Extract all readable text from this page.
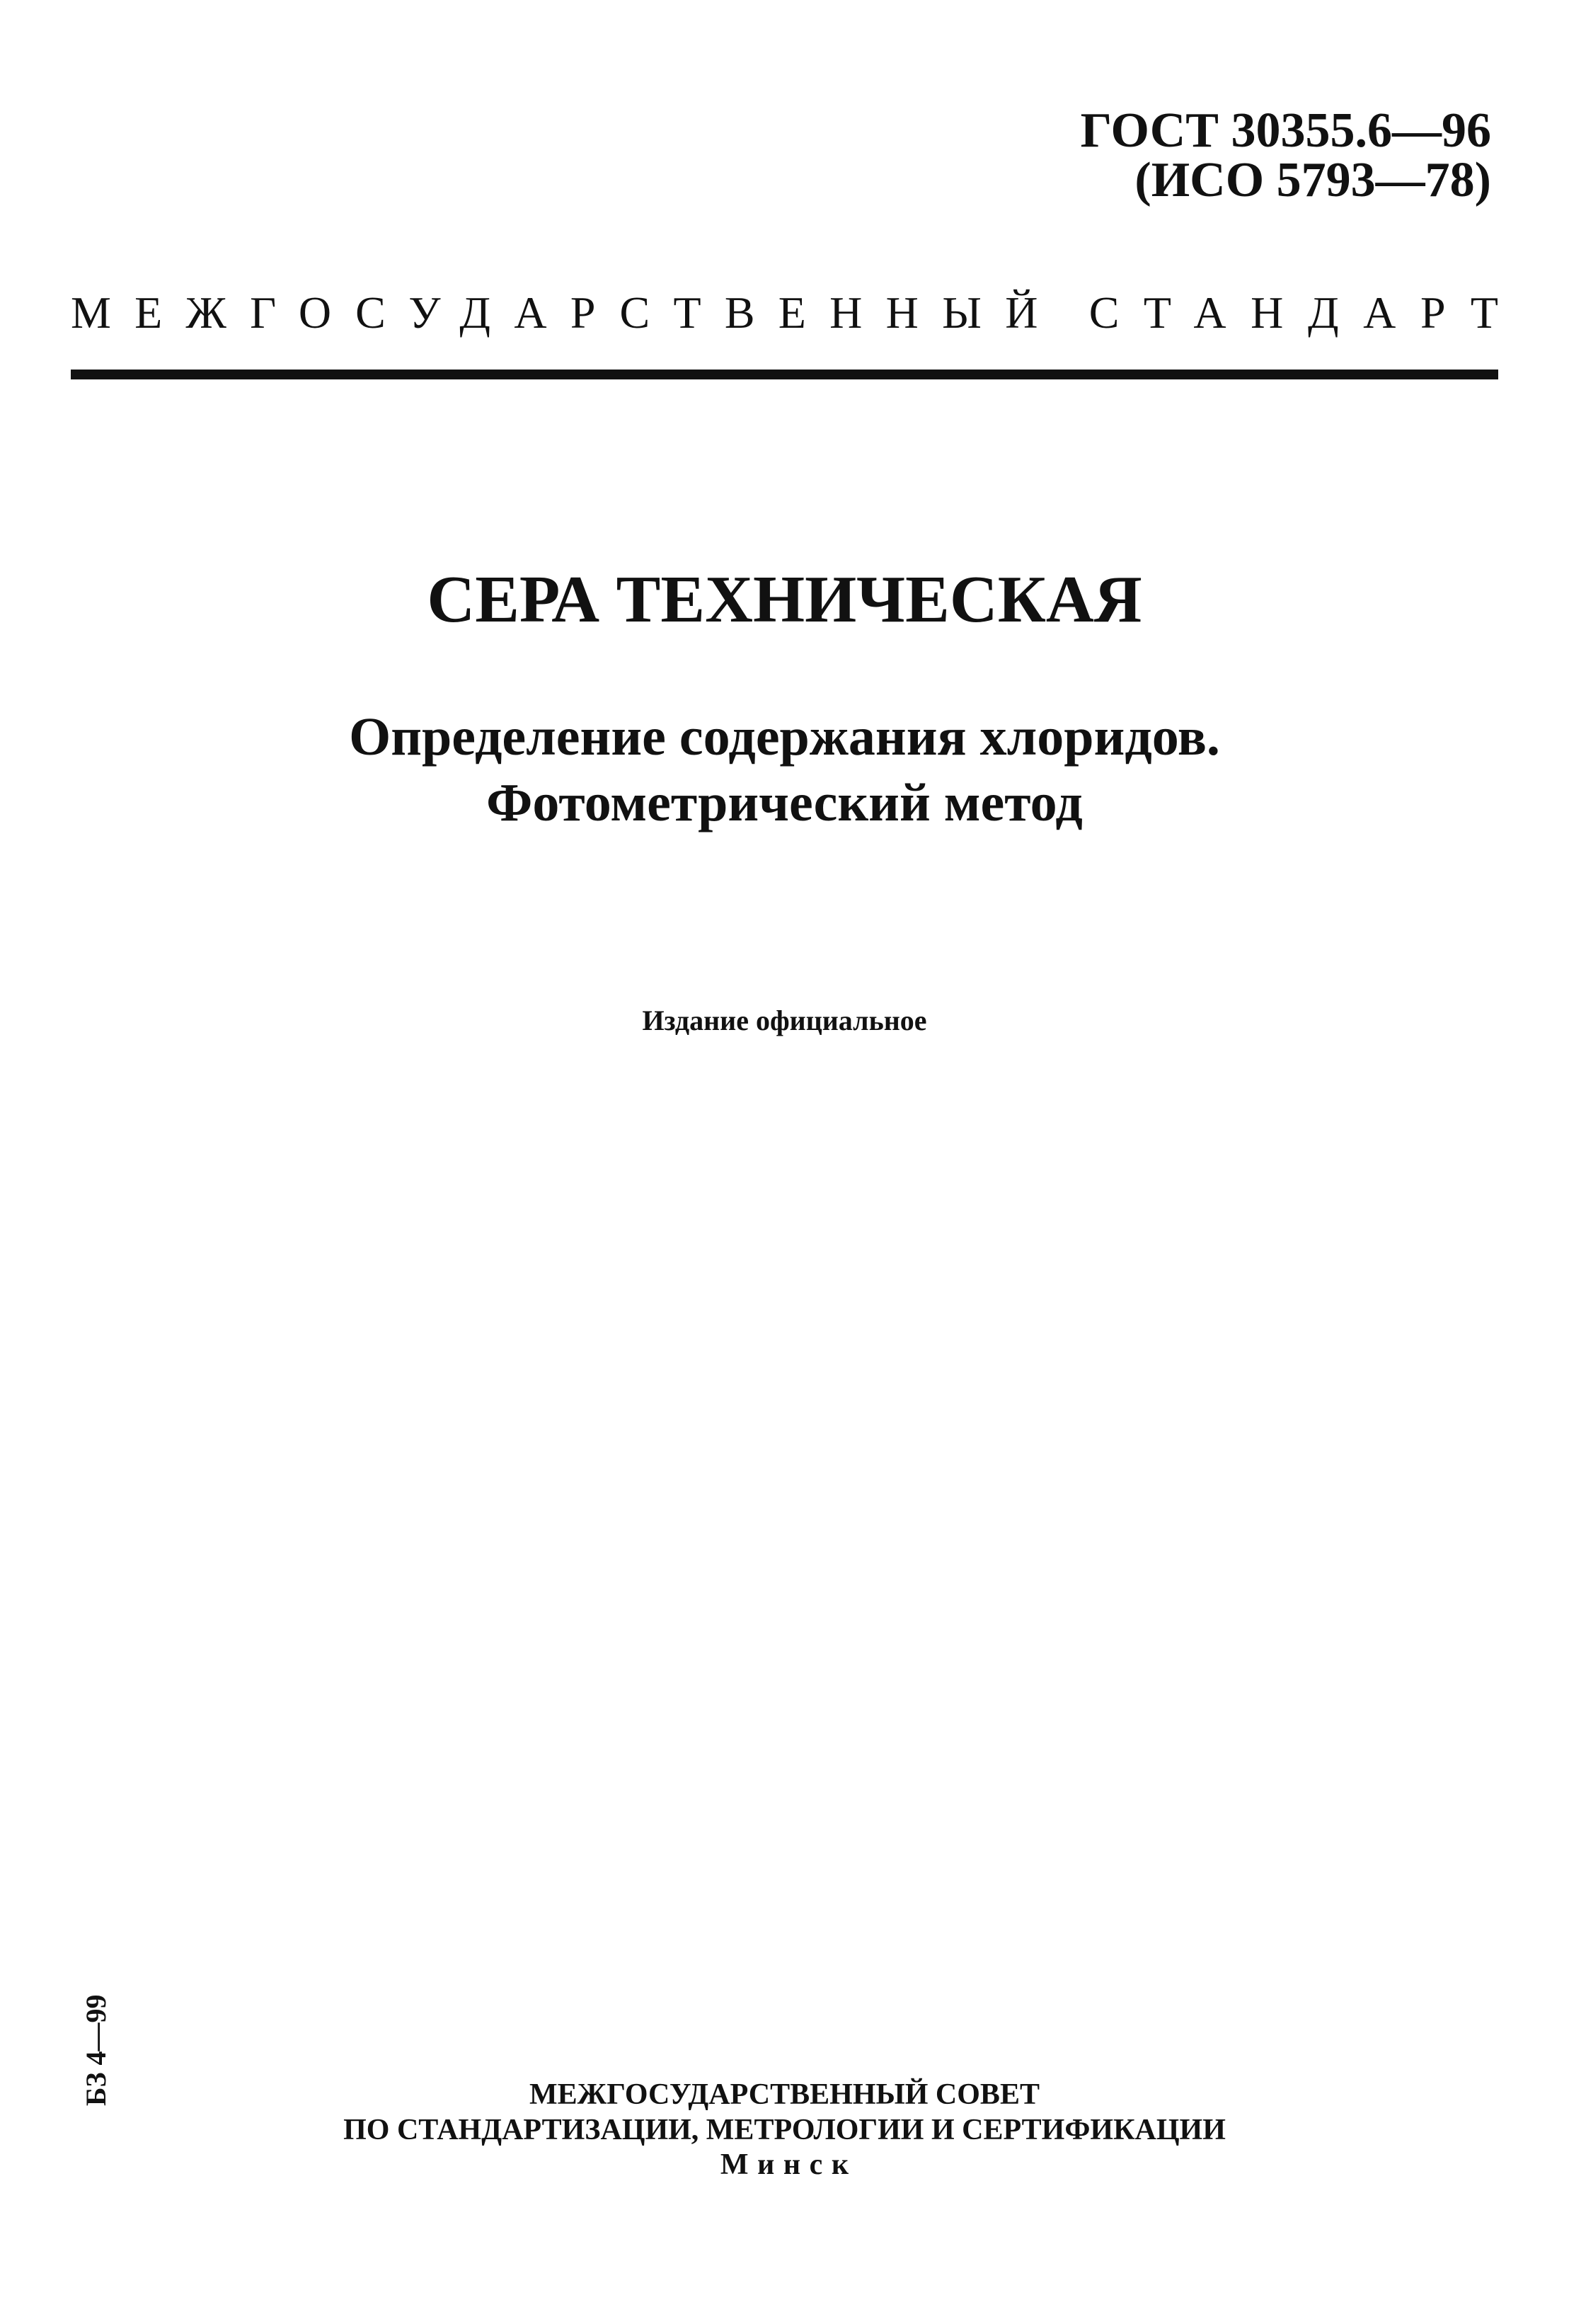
ГОСТ 30355.6—96
(ИСО 5793—78)
МЕЖГОСУДАРСТВЕННЫЙ СТАНДАРТ
СЕРА ТЕХНИЧЕСКАЯ
Определение содержания хлоридов.
Фотометрический метод
Издание официальное
БЗ 4—99	МЕЖГОСУДАРСТВЕННЫЙ СОВЕТ
ПО СТАНДАРТИЗАЦИИ, МЕТРОЛОГИИ И СЕРТИФИКАЦИИ
Минск
